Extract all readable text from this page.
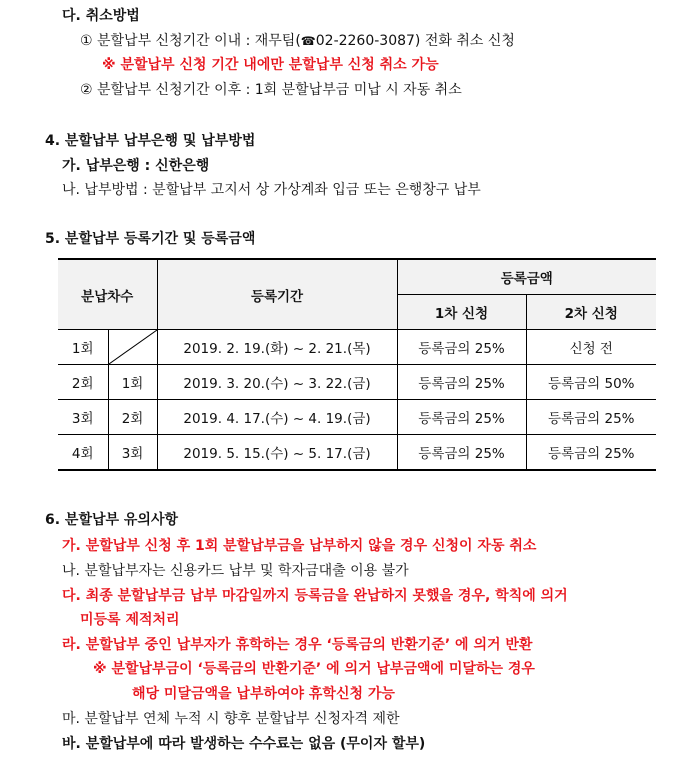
다. 취소방법
① 분할납부 신청기간 이내 : 재무팀(☎02-2260-3087) 전화 취소 신청
※ 분할납부 신청 기간 내에만 분할납부 신청 취소 가능
② 분할납부 신청기간 이후 : 1회 분할납부금 미납 시 자동 취소
4. 분할납부 납부은행 및 납부방법
가. 납부은행 : 신한은행
나. 납부방법 : 분할납부 고지서 상 가상계좌 입금 또는 은행창구 납부
5. 분할납부 등록기간 및 등록금액
분납차수		등록기간	등록금액	
			1차 신청	2차 신청
1회		2019. 2. 19.(화) ~ 2. 21.(목)	등록금의 25%	신청 전
2회	1회	2019. 3. 20.(수) ~ 3. 22.(금)	등록금의 25%	등록금의 50%
3회	2회	2019. 4. 17.(수) ~ 4. 19.(금)	등록금의 25%	등록금의 25%
4회	3회	2019. 5. 15.(수) ~ 5. 17.(금)	등록금의 25%	등록금의 25%
6. 분할납부 유의사항
가. 분할납부 신청 후 1회 분할납부금을 납부하지 않을 경우 신청이 자동 취소
나. 분할납부자는 신용카드 납부 및 학자금대출 이용 불가
다. 최종 분할납부금 납부 마감일까지 등록금을 완납하지 못했을 경우, 학칙에 의거
미등록 제적처리
라. 분할납부 중인 납부자가 휴학하는 경우 ‘등록금의 반환기준’ 에 의거 반환
※ 분할납부금이 ‘등록금의 반환기준’ 에 의거 납부금액에 미달하는 경우
해당 미달금액을 납부하여야 휴학신청 가능
마. 분할납부 연체 누적 시 향후 분할납부 신청자격 제한
바. 분할납부에 따라 발생하는 수수료는 없음 (무이자 할부)
